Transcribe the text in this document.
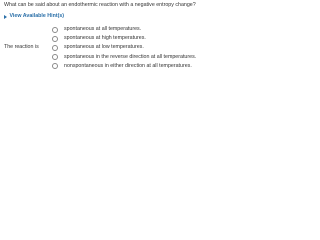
What can be said about an endothermic reaction with a negative entropy change?
View Available Hint(s)
The reaction is
spontaneous at all temperatures.
spontaneous at high temperatures.
spontaneous at low temperatures.
spontaneous in the reverse direction at all temperatures.
nonspontaneous in either direction at all temperatures.
